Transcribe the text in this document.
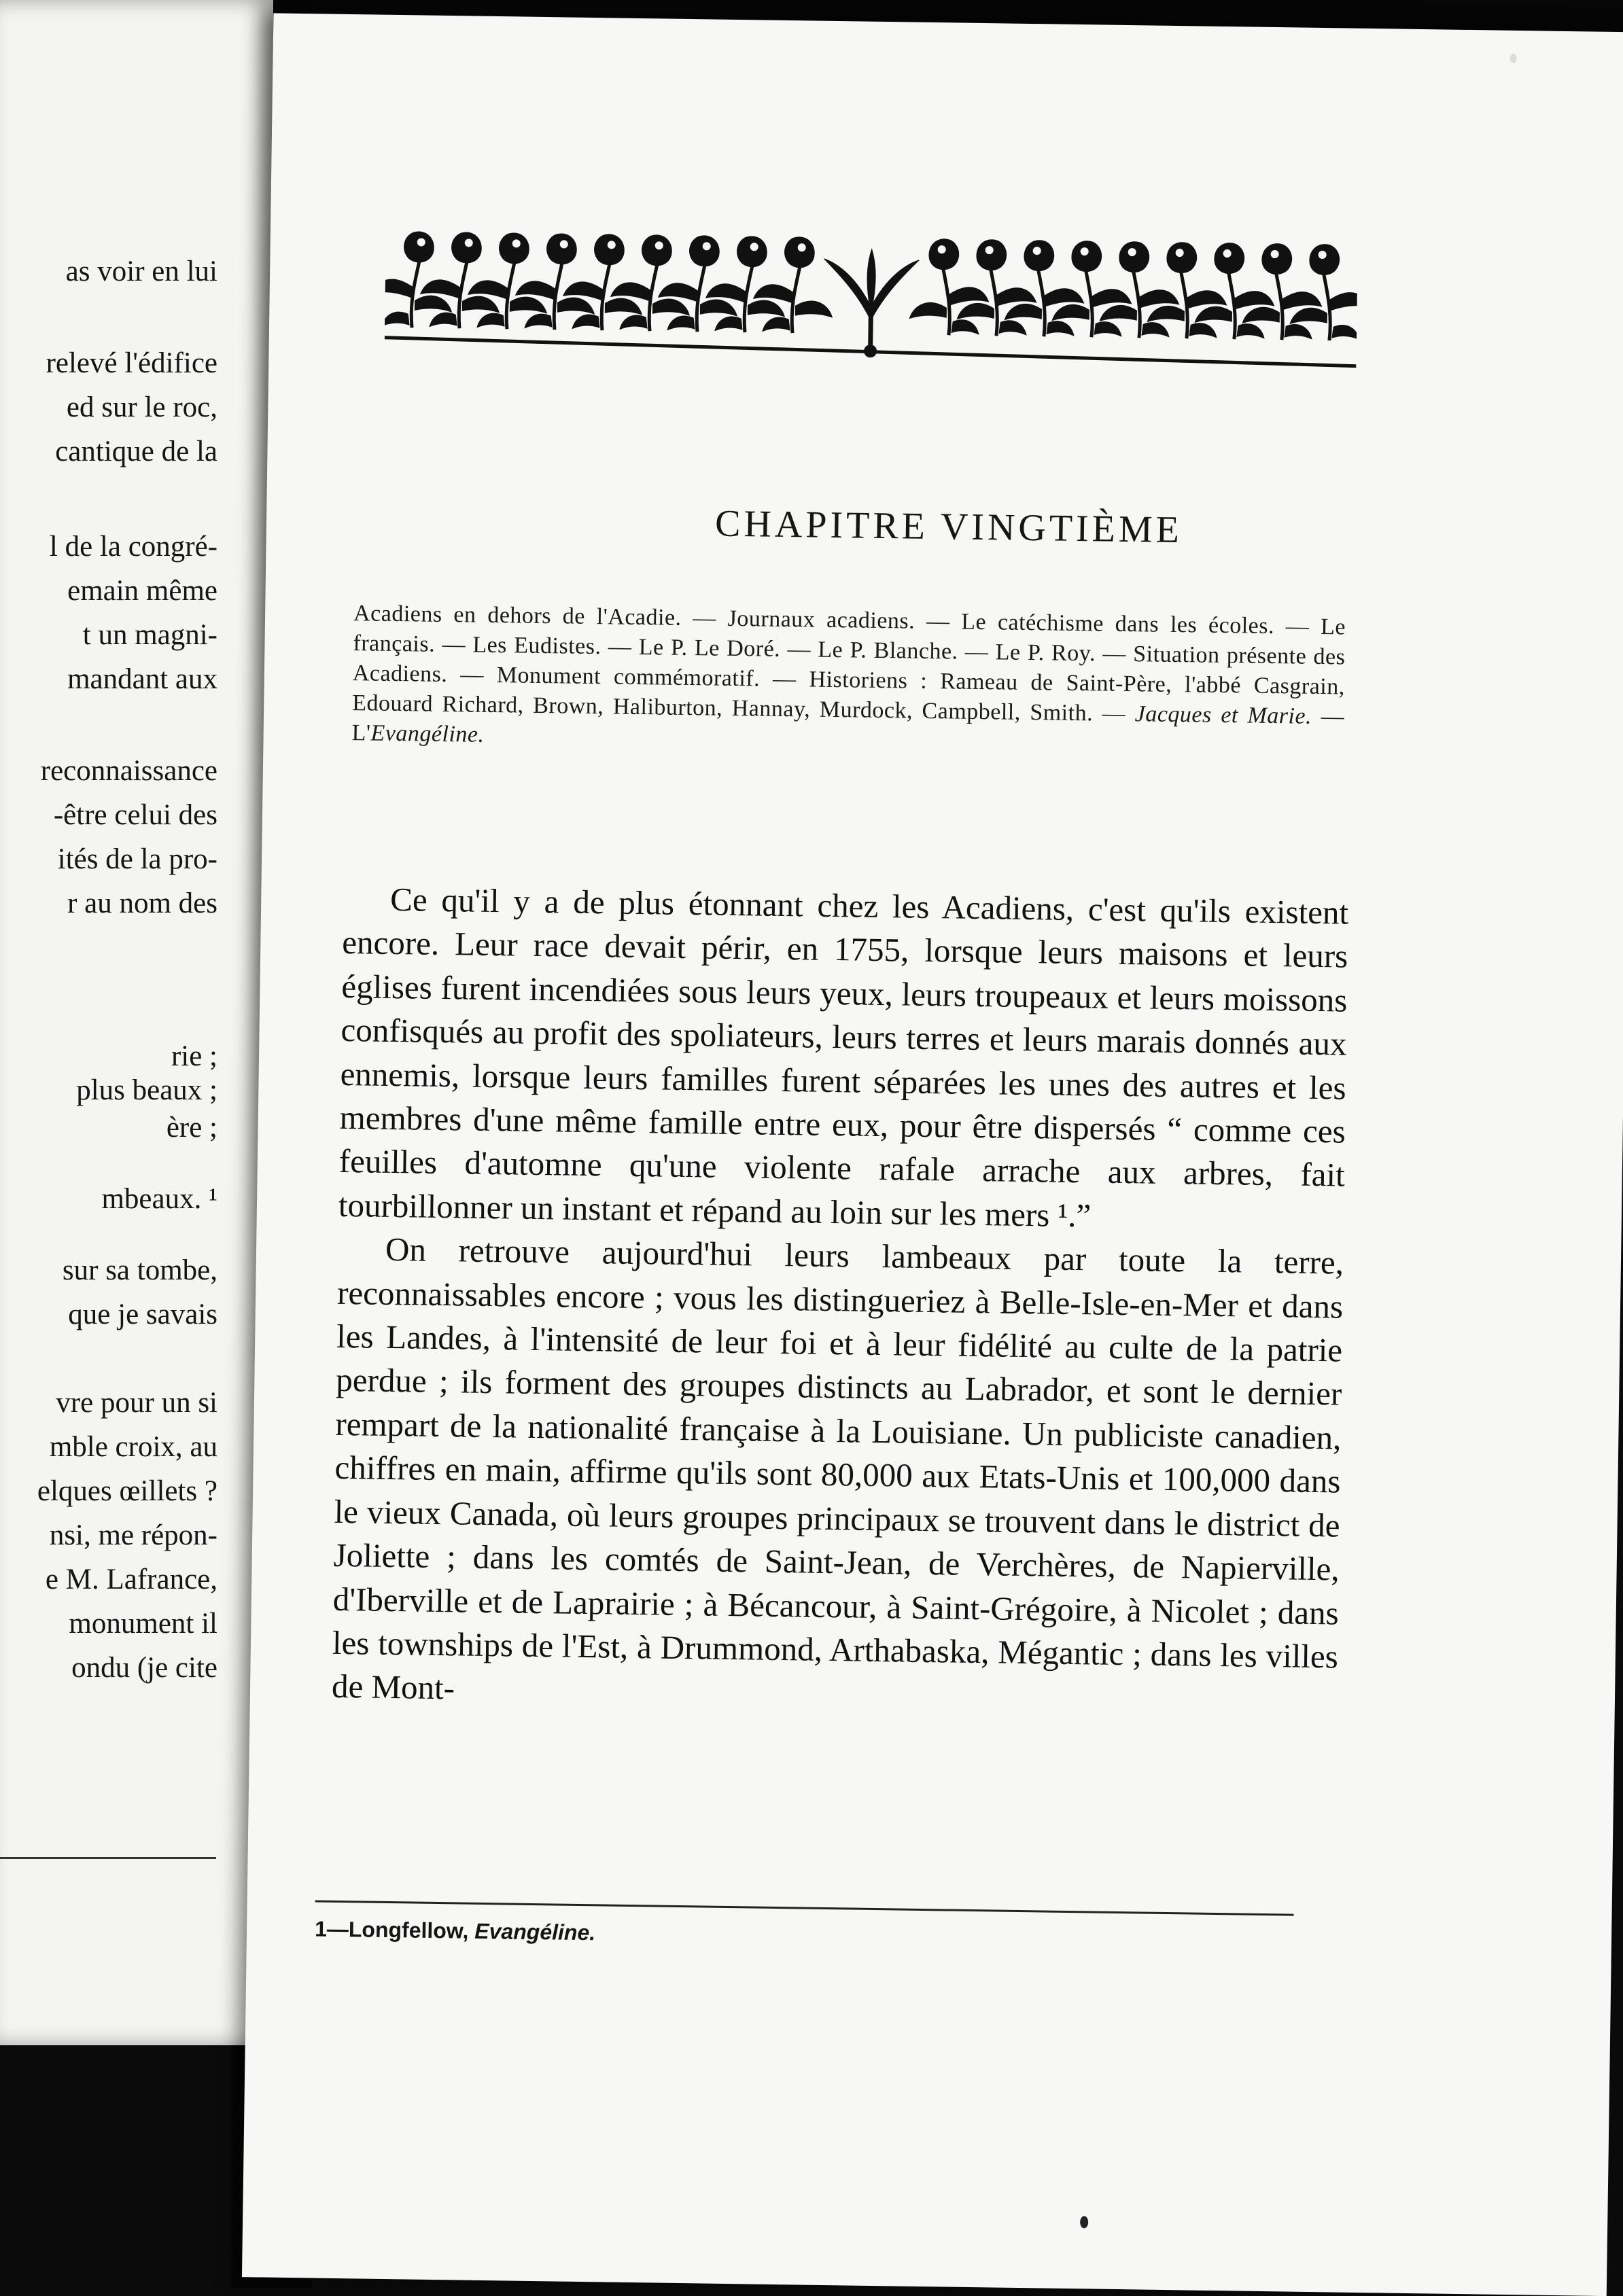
as voir en lui
relevé l'édifice
ed sur le roc,
cantique de la
l de la congré-
emain même
t un magni-
mandant aux
reconnaissance
-être celui des
ités de la pro-
r au nom des
rie ;
plus beaux ;
ère ;
mbeaux. ¹
sur sa tombe,
que je savais
vre pour un si
mble croix, au
elques œillets ?
nsi, me répon-
e M. Lafrance,
monument il
ondu (je cite
CHAPITRE VINGTIÈME
Acadiens en dehors de l'Acadie. — Journaux acadiens. — Le catéchisme dans les écoles. — Le français. — Les Eudistes. — Le P. Le Doré. — Le P. Blanche. — Le P. Roy. — Situation présente des Acadiens. — Monument commémoratif. — Historiens : Rameau de Saint-Père, l'abbé Casgrain, Edouard Richard, Brown, Haliburton, Hannay, Murdock, Campbell, Smith. — Jacques et Marie. — L'Evangéline.

Ce qu'il y a de plus étonnant chez les Acadiens, c'est qu'ils existent encore. Leur race devait périr, en 1755, lorsque leurs maisons et leurs églises furent incendiées sous leurs yeux, leurs troupeaux et leurs moissons confisqués au profit des spoliateurs, leurs terres et leurs marais donnés aux ennemis, lorsque leurs familles furent séparées les unes des autres et les membres d'une même famille entre eux, pour être dispersés “ comme ces feuilles d'automne qu'une violente rafale arrache aux arbres, fait tourbillonner un instant et répand au loin sur les mers ¹.”

On retrouve aujourd'hui leurs lambeaux par toute la terre, reconnaissables encore ; vous les distingueriez à Belle-Isle-en-Mer et dans les Landes, à l'intensité de leur foi et à leur fidélité au culte de la patrie perdue ; ils forment des groupes distincts au Labrador, et sont le dernier rempart de la nationalité française à la Louisiane. Un publiciste canadien, chiffres en main, affirme qu'ils sont 80,000 aux Etats-Unis et 100,000 dans le vieux Canada, où leurs groupes principaux se trouvent dans le district de Joliette ; dans les comtés de Saint-Jean, de Verchères, de Napierville, d'Iberville et de Laprairie ; à Bécancour, à Saint-Grégoire, à Nicolet ; dans les townships de l'Est, à Drummond, Arthabaska, Mégantic ; dans les villes de Mont-

1—Longfellow, Evangéline.
